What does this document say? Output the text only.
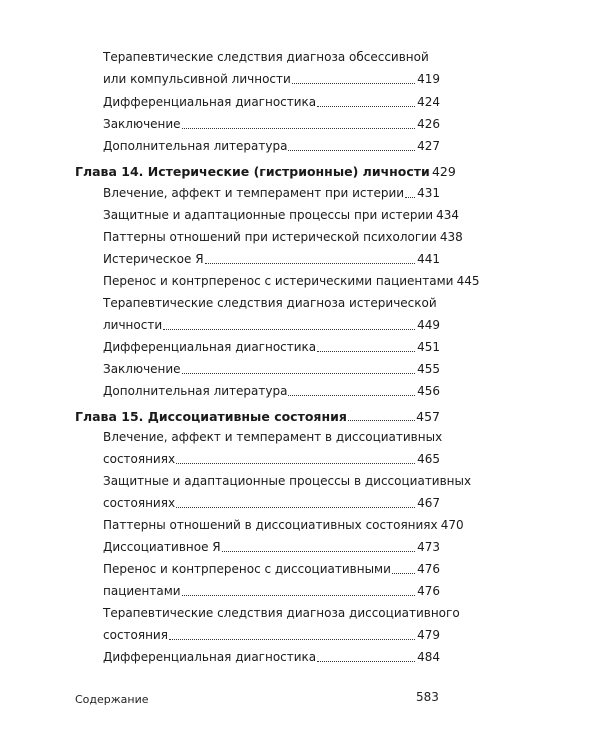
Терапевтические следствия диагноза обсессивной
или компульсивной личности	419
Дифференциальная диагностика	424
Заключение	426
Дополнительная литература	427
Глава 14. Истерические (гистрионные) личности 429
Влечение, аффект и темперамент при истерии 431
Защитные и адаптационные процессы при истерии 434
Паттерны отношений при истерической психологии 438
Истерическое Я	441
Перенос и контрперенос с истерическими пациентами 445
Терапевтические следствия диагноза истерической
личности	449
Дифференциальная диагностика	451
Заключение	455
Дополнительная литература	456
Глава 15. Диссоциативные состояния	457
Влечение, аффект и темперамент в диссоциативных
состояниях	465
Защитные и адаптационные процессы в диссоциативных
состояниях	467
Паттерны отношений в диссоциативных состояниях 470
Диссоциативное Я	473
Перенос и контрперенос с диссоциативными 476
пациентами	476
Терапевтические следствия диагноза диссоциативного
состояния	479
Дифференциальная диагностика	484
Содержание	583
